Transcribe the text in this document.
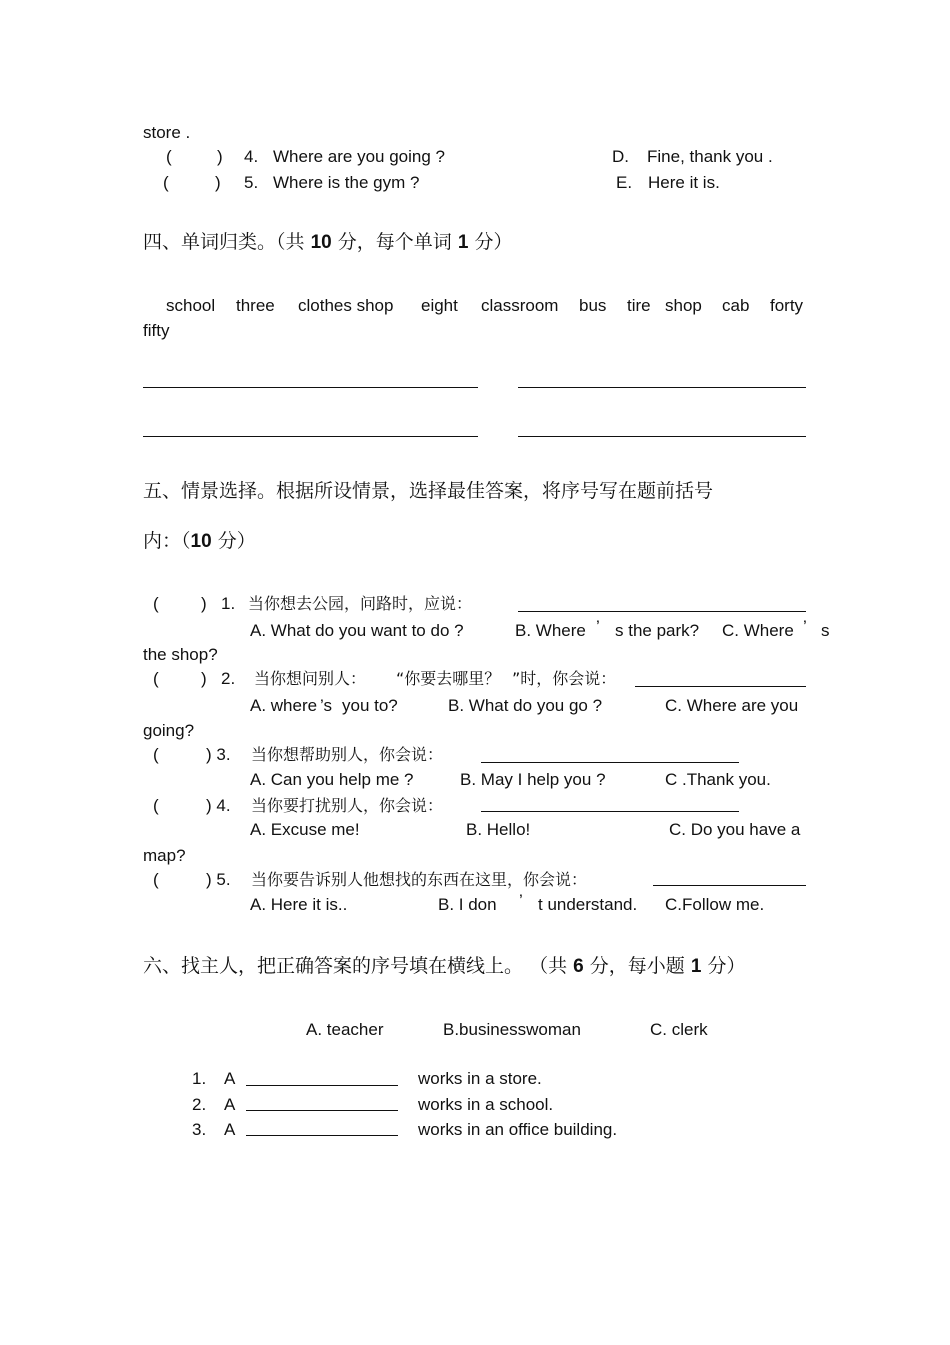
store .
(	) 4. Where are you going ?	D. Fine, thank you .
(	) 5. Where is the gym ?	E. Here it is.
四、单词归类。（共 10 分，每个单词 1 分）
school three clothes shop eight classroom bus tire shop cab forty
fifty
五、情景选择。根据所设情景，选择最佳答案，将序号写在题前括号
内：（10 分）
( ) 1. 当你想去公园，问路时，应说：
A. What do you want to do ?	B. Where ’ s the park? C. Where ’ s
the shop?
( ) 2. 当你想问别人： “你要去哪里？ ”时，你会说：
A. where ’s you to?	B. What do you go ?	C. Where are you
going?
(	) 3. 当你想帮助别人，你会说：
A. Can you help me ?	B. May I help you ?	C .Thank you.
(	) 4. 当你要打扰别人，你会说：
A. Excuse me!	B. Hello!	C. Do you have a
map?
(	) 5. 当你要告诉别人他想找的东西在这里，你会说：
A. Here it is..	B. I don ’ t understand. C.Follow me.
六、找主人，把正确答案的序号填在横线上。 （共 6 分，每小题 1 分）
A. teacher	B.businesswoman	C. clerk
1. A	works in a store.
2. A	works in a school.
3. A	works in an office building.
